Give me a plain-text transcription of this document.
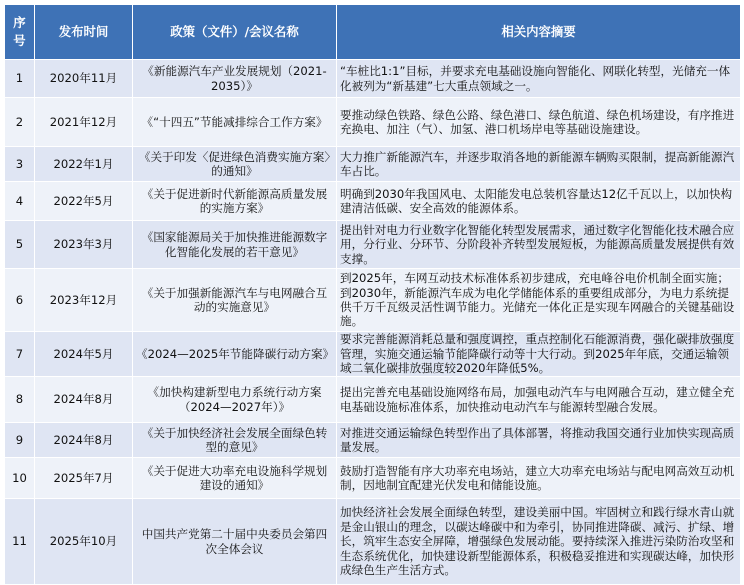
序
号	发布时间	政策（文件）/会议名称	相关内容摘要
1	2020年11月	《新能源汽车产业发展规划（2021-2035）》	“车桩比1:1”目标，并要求充电基础设施向智能化、网联化转型，光储充一体化被列为“新基建”七大重点领域之一。
2	2021年12月	《“十四五”节能减排综合工作方案》	要推动绿色铁路、绿色公路、绿色港口、绿色航道、绿色机场建设，有序推进充换电、加注（气）、加氢、港口机场岸电等基础设施建设。
3	2022年1月	《关于印发〈促进绿色消费实施方案〉的通知》	大力推广新能源汽车，并逐步取消各地的新能源车辆购买限制，提高新能源汽车占比。
4	2022年5月	《关于促进新时代新能源高质量发展的实施方案》	明确到2030年我国风电、太阳能发电总装机容量达12亿千瓦以上，以加快构建清洁低碳、安全高效的能源体系。
5	2023年3月	《国家能源局关于加快推进能源数字化智能化发展的若干意见》	提出针对电力行业数字化智能化转型发展需求，通过数字化智能化技术融合应用，分行业、分环节、分阶段补齐转型发展短板，为能源高质量发展提供有效支撑。
6	2023年12月	《关于加强新能源汽车与电网融合互动的实施意见》	到2025年，车网互动技术标准体系初步建成，充电峰谷电价机制全面实施；到2030年，新能源汽车成为电化学储能体系的重要组成部分，为电力系统提供千万千瓦级灵活性调节能力。光储充一体化正是实现车网融合的关键基础设施。
7	2024年5月	《2024—2025年节能降碳行动方案》	要求完善能源消耗总量和强度调控，重点控制化石能源消费，强化碳排放强度管理，实施交通运输节能降碳行动等十大行动。到2025年年底，交通运输领域二氧化碳排放强度较2020年降低5%。
8	2024年8月	《加快构建新型电力系统行动方案（2024—2027年）》	提出完善充电基础设施网络布局，加强电动汽车与电网融合互动，建立健全充电基础设施标准体系，加快推动电动汽车与能源转型融合发展。
9	2024年8月	《关于加快经济社会发展全面绿色转型的意见》	对推进交通运输绿色转型作出了具体部署，将推动我国交通行业加快实现高质量发展。
10	2025年7月	《关于促进大功率充电设施科学规划建设的通知》	鼓励打造智能有序大功率充电场站，建立大功率充电场站与配电网高效互动机制，因地制宜配建光伏发电和储能设施。
11	2025年10月	中国共产党第二十届中央委员会第四次全体会议	加快经济社会发展全面绿色转型，建设美丽中国。牢固树立和践行绿水青山就是金山银山的理念，以碳达峰碳中和为牵引，协同推进降碳、减污、扩绿、增长，筑牢生态安全屏障，增强绿色发展动能。要持续深入推进污染防治攻坚和生态系统优化，加快建设新型能源体系，积极稳妥推进和实现碳达峰，加快形成绿色生产生活方式。
